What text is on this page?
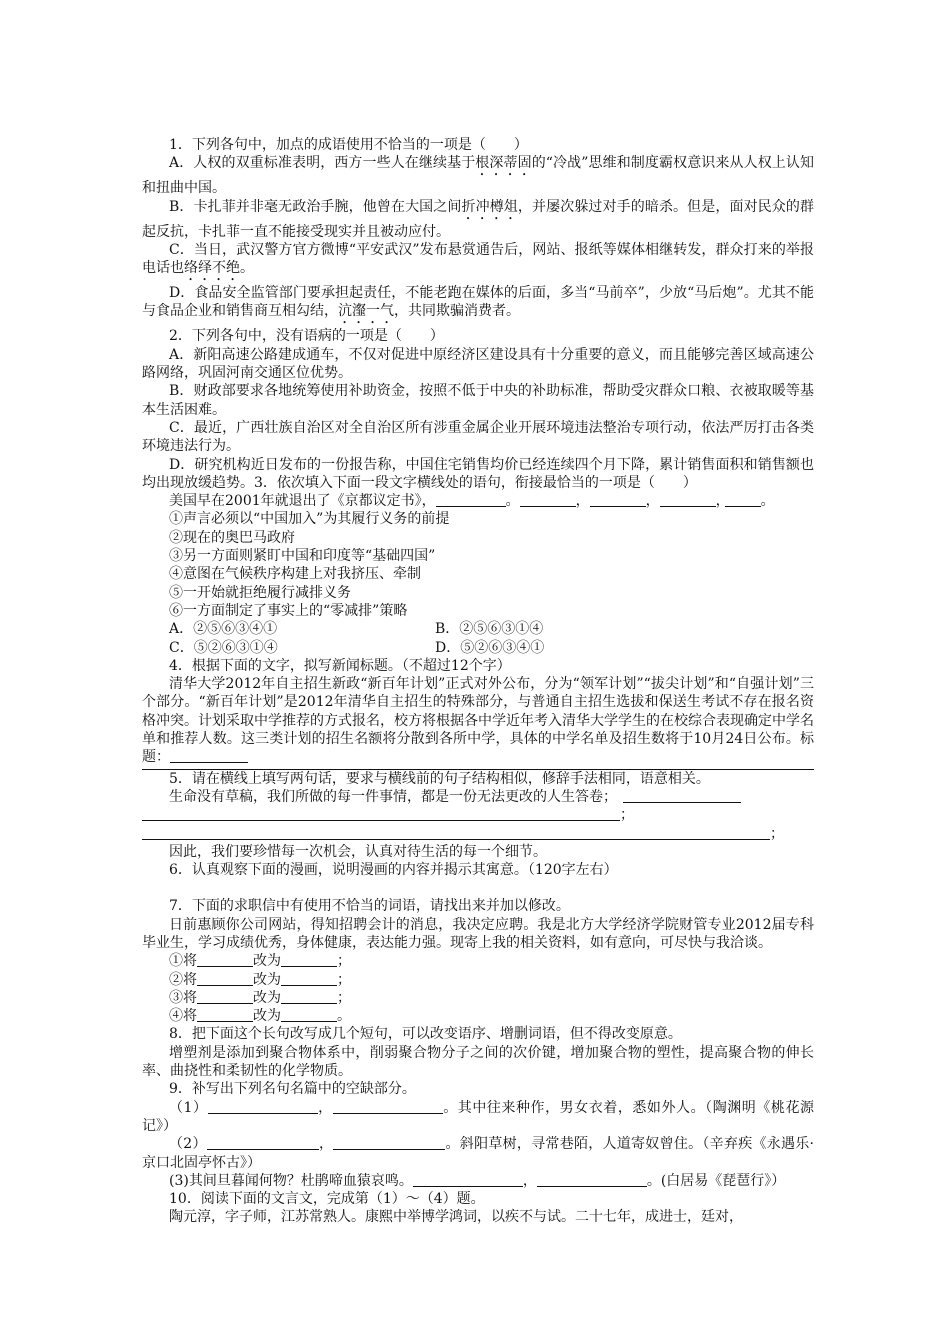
1．下列各句中，加点的成语使用不恰当的一项是（　　）

A．人权的双重标准表明，西方一些人在继续基于根深蒂固的“冷战”思维和制度霸权意识来从人权上认知和扭曲中国。

B．卡扎菲并非毫无政治手腕，他曾在大国之间折冲樽俎，并屡次躲过对手的暗杀。但是，面对民众的群起反抗，卡扎菲一直不能接受现实并且被动应付。

C．当日，武汉警方官方微博“平安武汉”发布悬赏通告后，网站、报纸等媒体相继转发，群众打来的举报电话也络绎不绝。

D．食品安全监管部门要承担起责任，不能老跑在媒体的后面，多当“马前卒”，少放“马后炮”。尤其不能与食品企业和销售商互相勾结，沆瀣一气，共同欺骗消费者。

2．下列各句中，没有语病的一项是（　　）

A．新阳高速公路建成通车，不仅对促进中原经济区建设具有十分重要的意义，而且能够完善区域高速公路网络，巩固河南交通区位优势。

B．财政部要求各地统筹使用补助资金，按照不低于中央的补助标准，帮助受灾群众口粮、衣被取暖等基本生活困难。

C．最近，广西壮族自治区对全自治区所有涉重金属企业开展环境违法整治专项行动，依法严厉打击各类环境违法行为。

D．研究机构近日发布的一份报告称，中国住宅销售均价已经连续四个月下降，累计销售面积和销售额也均出现放缓趋势。3．依次填入下面一段文字横线处的语句，衔接最恰当的一项是（　　）

美国早在2001年就退出了《京都议定书》，	。	，	，	， 。

①声言必须以“中国加入”为其履行义务的前提

②现在的奥巴马政府

③另一方面则紧盯中国和印度等“基础四国”

④意图在气候秩序构建上对我挤压、牵制

⑤一开始就拒绝履行减排义务

⑥一方面制定了事实上的“零减排”策略

A．②⑤⑥③④①	B．②⑤⑥③①④
C．⑤②⑥③①④	D．⑤②⑥③④①

4．根据下面的文字，拟写新闻标题。（不超过12个字）

清华大学2012年自主招生新政“新百年计划”正式对外公布，分为“领军计划”“拔尖计划”和“自强计划”三个部分。“新百年计划”是2012年清华自主招生的特殊部分，与普通自主招生选拔和保送生考试不存在报名资格冲突。计划采取中学推荐的方式报名，校方将根据各中学近年考入清华大学学生的在校综合表现确定中学名单和推荐人数。这三类计划的招生名额将分散到各所中学，具体的中学名单及招生数将于10月24日公布。标题：

5．请在横线上填写两句话，要求与横线前的句子结构相似，修辞手法相同，语意相关。

生命没有草稿，我们所做的每一件事情，都是一份无法更改的人生答卷；

；

；

因此，我们要珍惜每一次机会，认真对待生活的每一个细节。

6．认真观察下面的漫画，说明漫画的内容并揭示其寓意。（120字左右）

7．下面的求职信中有使用不恰当的词语，请找出来并加以修改。

日前惠顾你公司网站，得知招聘会计的消息，我决定应聘。我是北方大学经济学院财管专业2012届专科毕业生，学习成绩优秀，身体健康，表达能力强。现寄上我的相关资料，如有意向，可尽快与我洽谈。

①将	改为	；

②将	改为	；

③将	改为	；

④将	改为	。

8．把下面这个长句改写成几个短句，可以改变语序、增删词语，但不得改变原意。

增塑剂是添加到聚合物体系中，削弱聚合物分子之间的次价键，增加聚合物的塑性，提高聚合物的伸长率、曲挠性和柔韧性的化学物质。

9．补写出下列名句名篇中的空缺部分。

（1）	，	。其中往来种作，男女衣着，悉如外人。（陶渊明《桃花源记》）

（2）	，	。斜阳草树，寻常巷陌，人道寄奴曾住。（辛弃疾《永遇乐·京口北固亭怀古》）

(3)其间旦暮闻何物？杜鹃啼血猿哀鸣。	，	。(白居易《琵琶行》）

10．阅读下面的文言文，完成第（1）～（4）题。

陶元淳，字子师，江苏常熟人。康熙中举博学鸿词，以疾不与试。二十七年，成进士，廷对，
